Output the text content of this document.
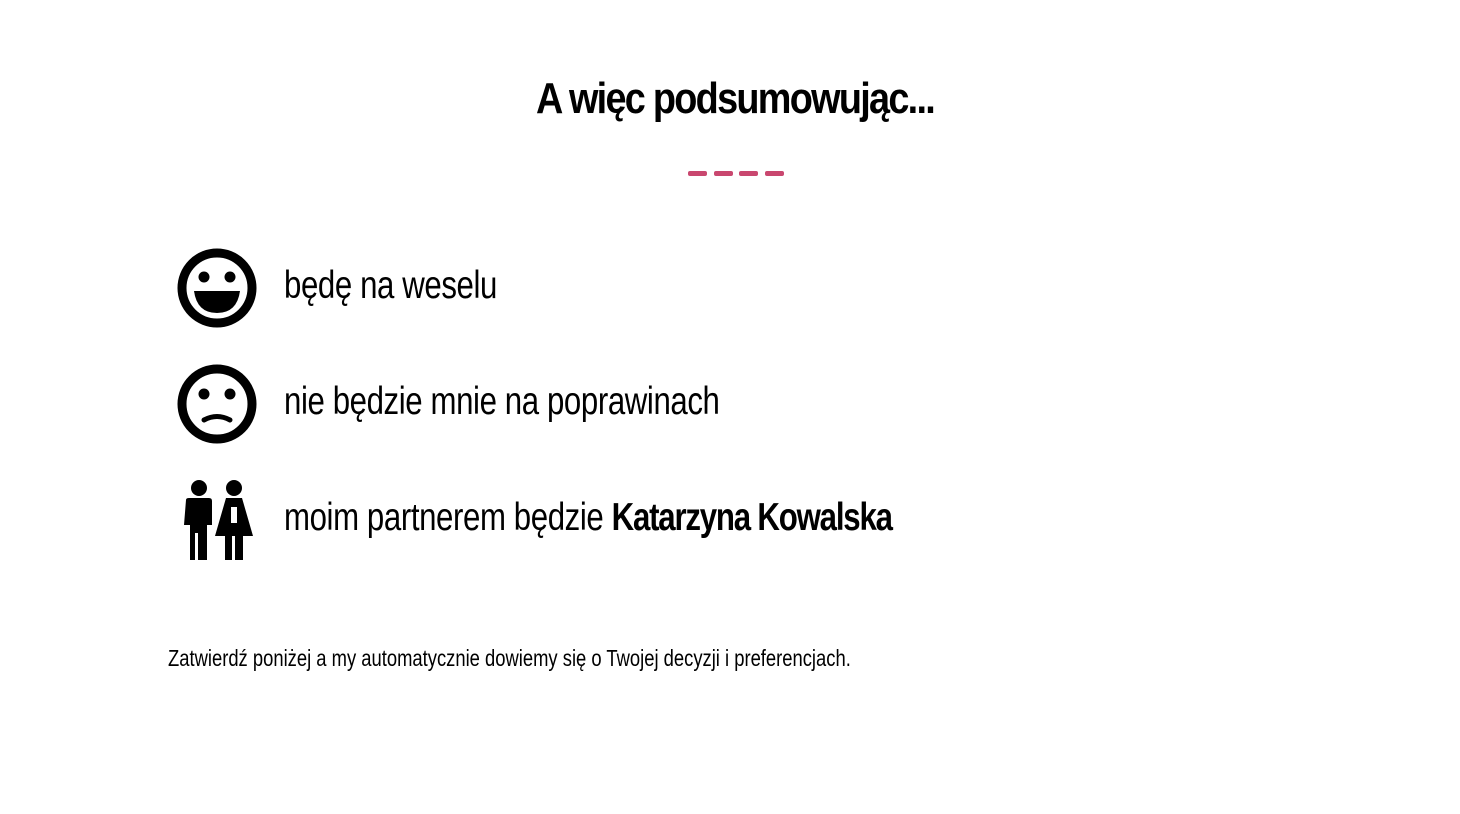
A więc podsumowując...
będę na weselu
nie będzie mnie na poprawinach
moim partnerem będzie Katarzyna Kowalska
Zatwierdź poniżej a my automatycznie dowiemy się o Twojej decyzji i preferencjach.
